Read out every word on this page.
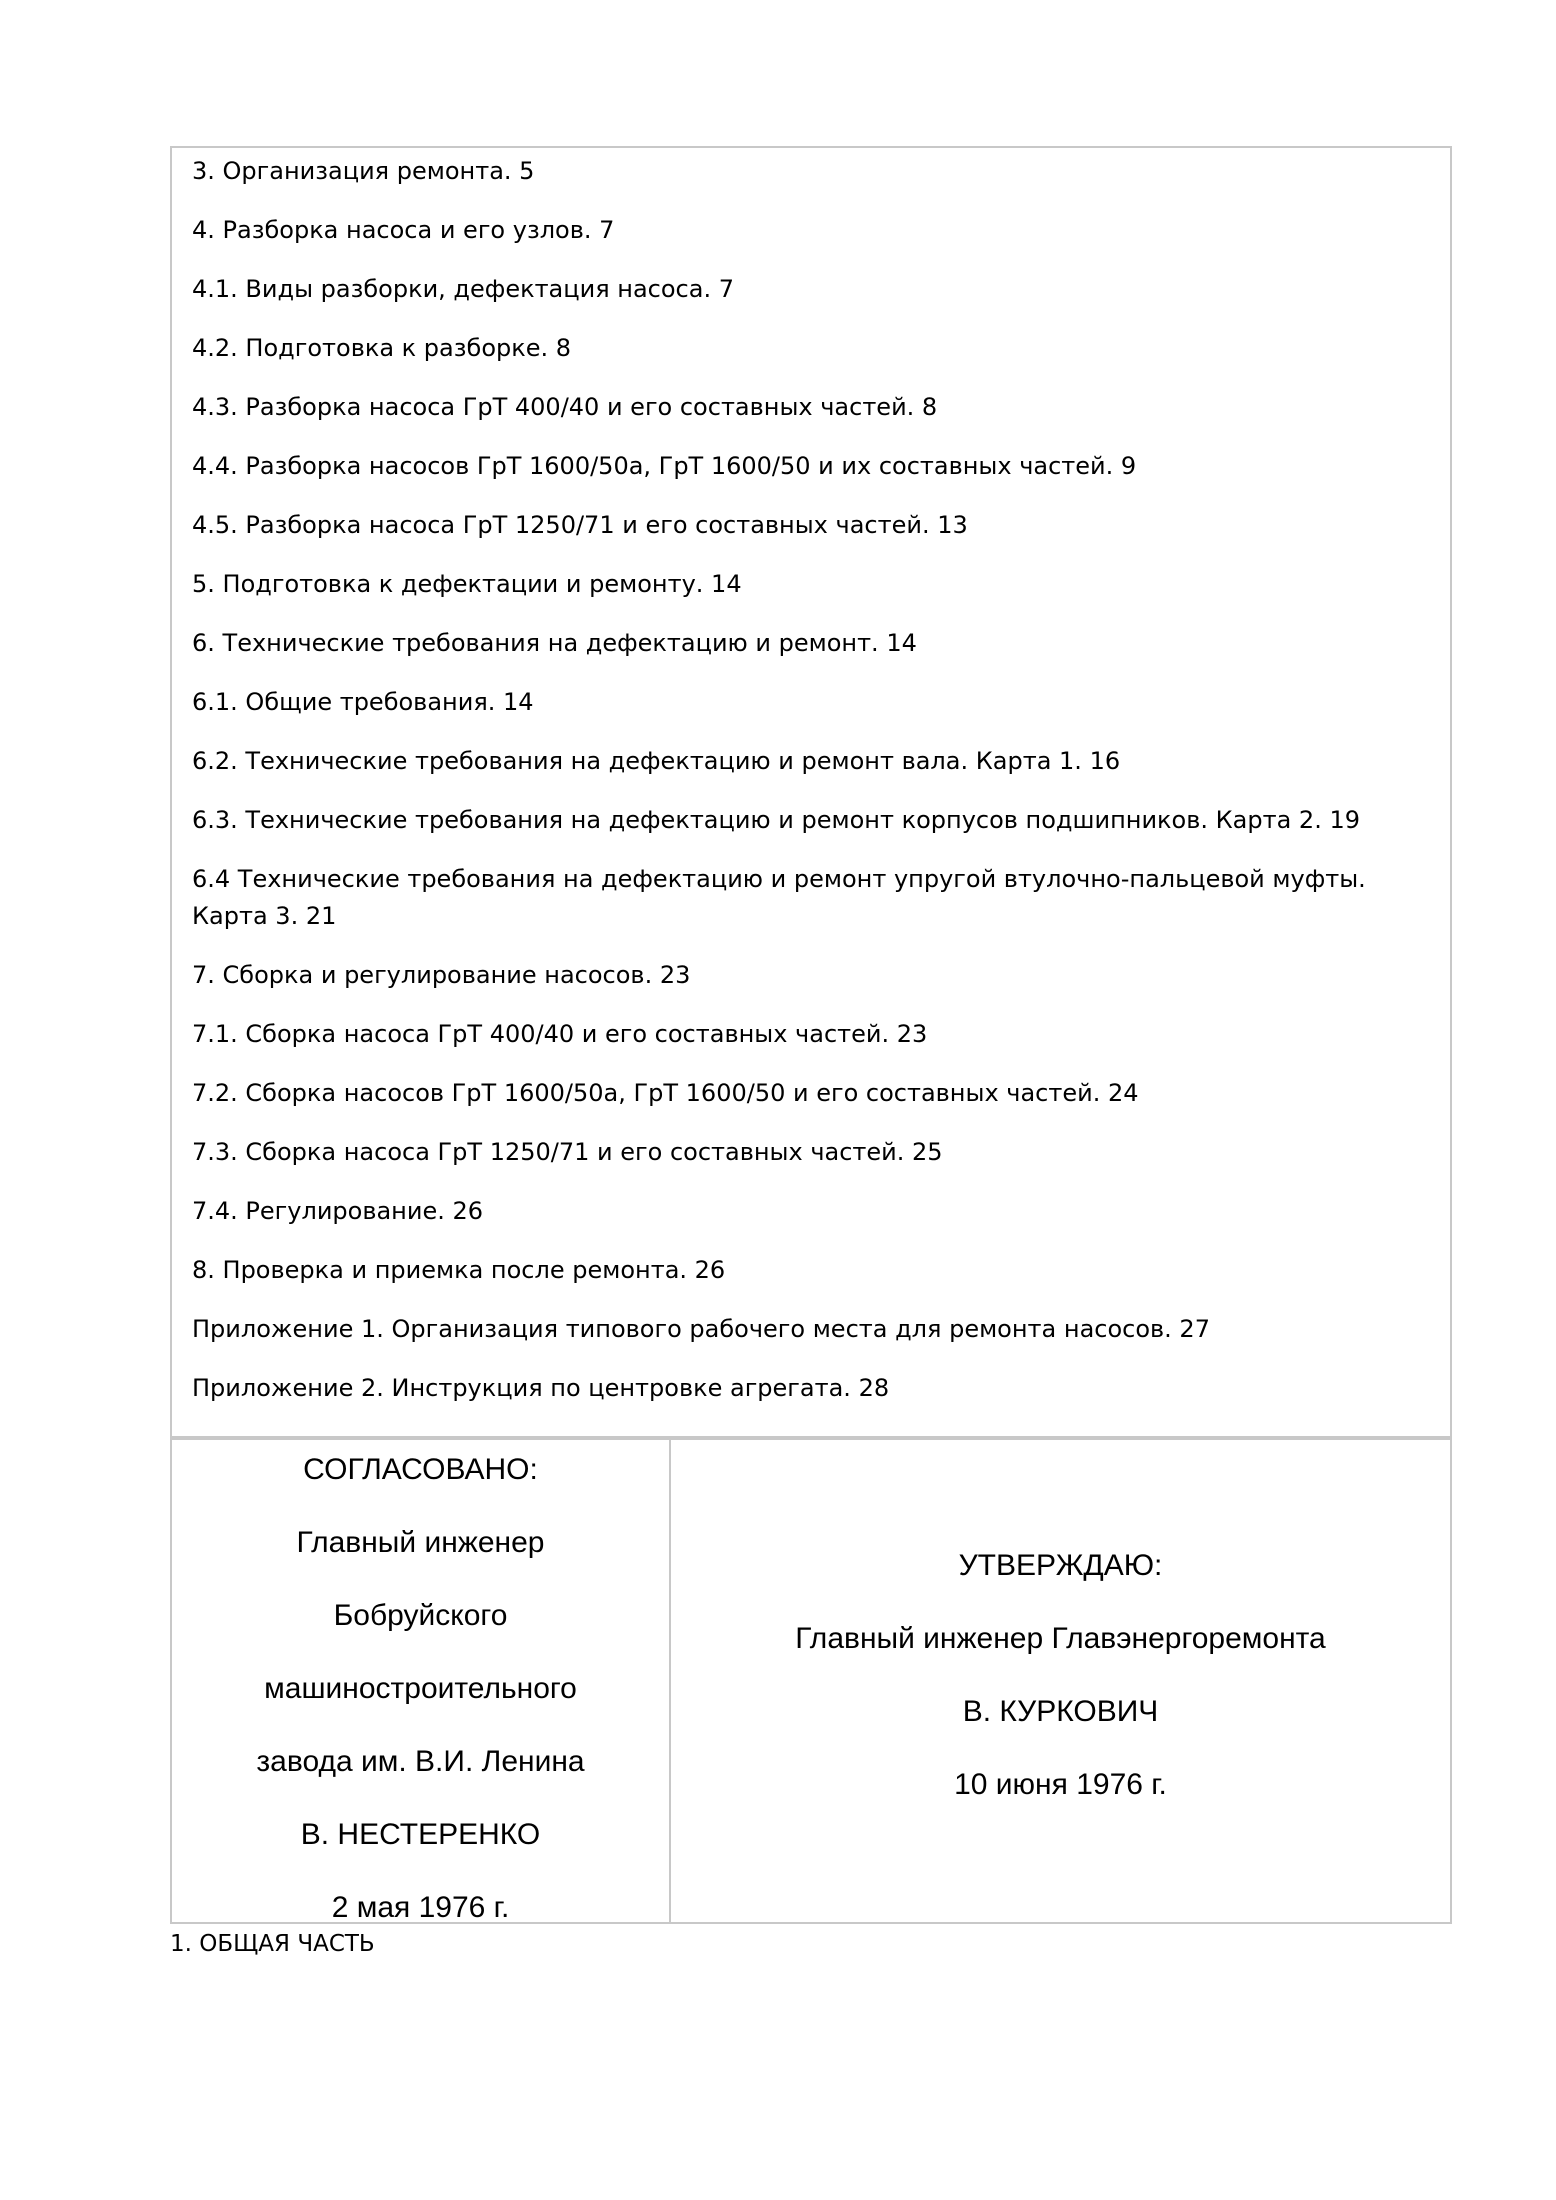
3. Организация ремонта. 5
4. Разборка насоса и его узлов. 7
4.1. Виды разборки, дефектация насоса. 7
4.2. Подготовка к разборке. 8
4.3. Разборка насоса ГрТ 400/40 и его составных частей. 8
4.4. Разборка насосов ГрТ 1600/50а, ГрТ 1600/50 и их составных частей. 9
4.5. Разборка насоса ГрТ 1250/71 и его составных частей. 13
5. Подготовка к дефектации и ремонту. 14
6. Технические требования на дефектацию и ремонт. 14
6.1. Общие требования. 14
6.2. Технические требования на дефектацию и ремонт вала. Карта 1. 16
6.3. Технические требования на дефектацию и ремонт корпусов подшипников. Карта 2. 19
6.4 Технические требования на дефектацию и ремонт упругой втулочно-пальцевой муфты. Карта 3. 21
7. Сборка и регулирование насосов. 23
7.1. Сборка насоса ГрТ 400/40 и его составных частей. 23
7.2. Сборка насосов ГрТ 1600/50а, ГрТ 1600/50 и его составных частей. 24
7.3. Сборка насоса ГрТ 1250/71 и его составных частей. 25
7.4. Регулирование. 26
8. Проверка и приемка после ремонта. 26
Приложение 1. Организация типового рабочего места для ремонта насосов. 27
Приложение 2. Инструкция по центровке агрегата. 28
СОГЛАСОВАНО:
Главный инженер
Бобруйского
машиностроительного
завода им. В.И. Ленина
В. НЕСТЕРЕНКО
2 мая 1976 г.
УТВЕРЖДАЮ:
Главный инженер Главэнергоремонта
В. КУРКОВИЧ
10 июня 1976 г.
1. ОБЩАЯ ЧАСТЬ
